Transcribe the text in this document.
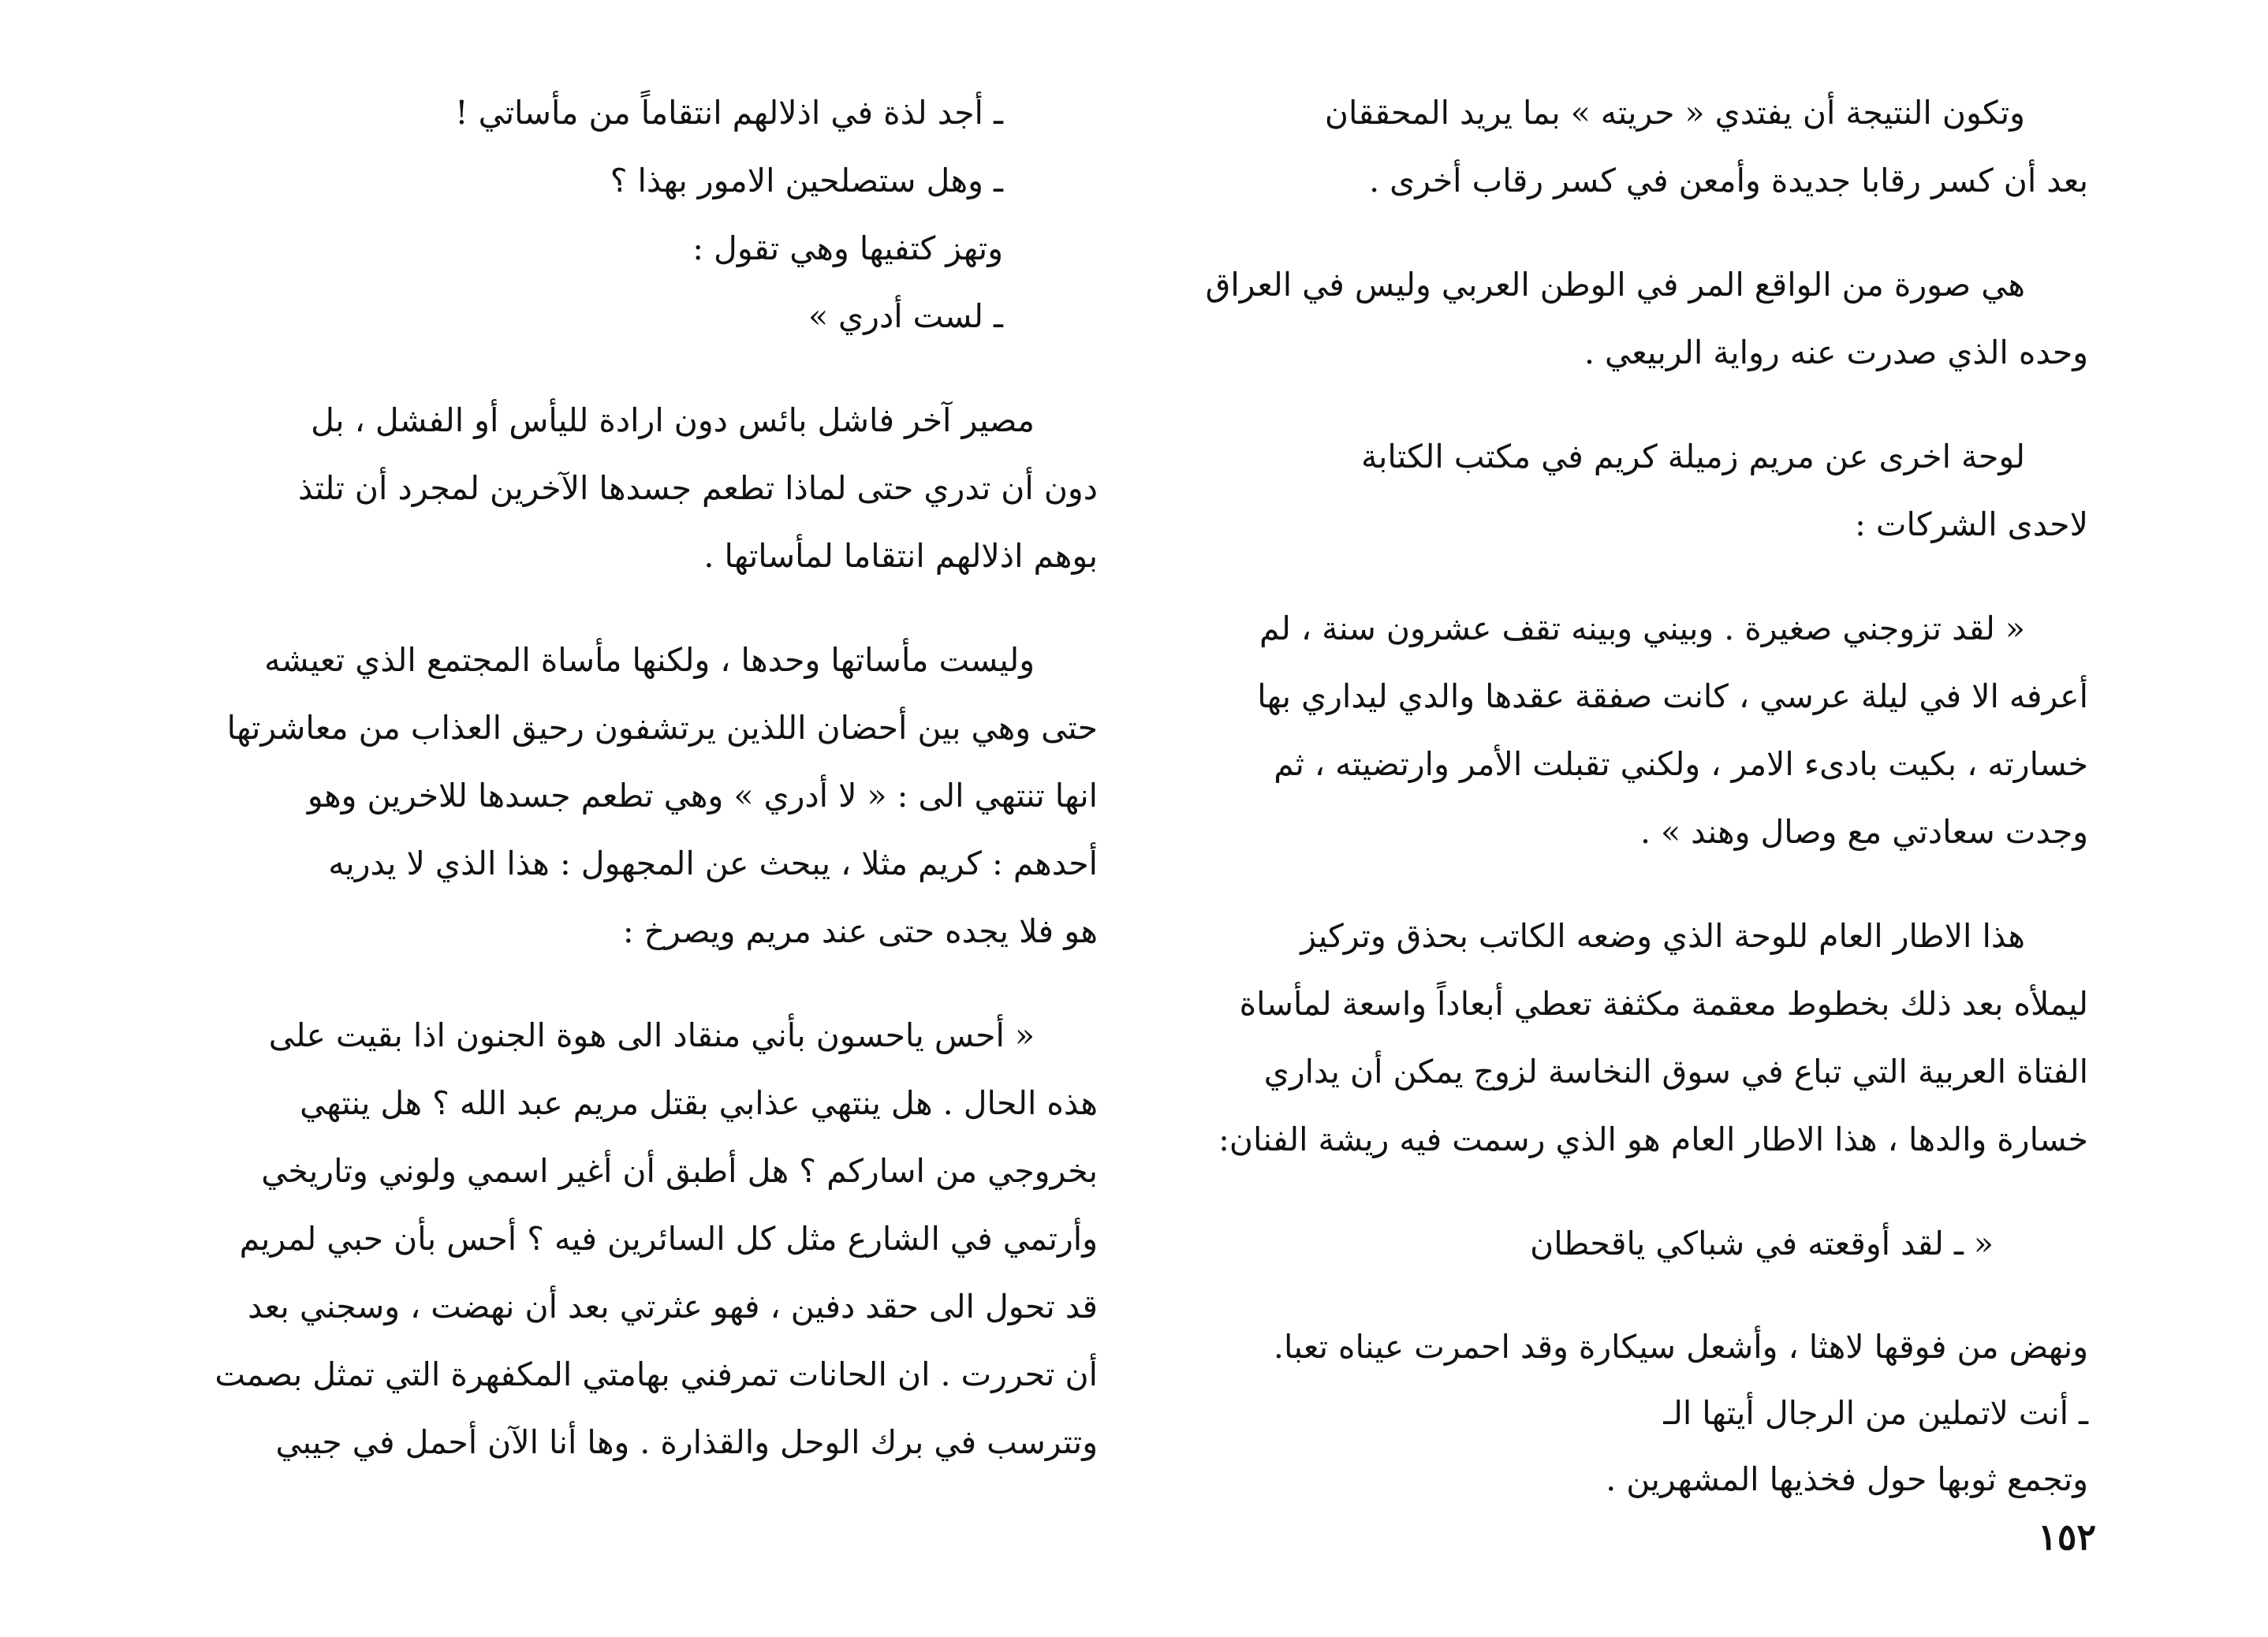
وتكون النتيجة أن يفتدي « حريته » بما يريد المحققان
بعد أن كسر رقابا جديدة وأمعن في كسر رقاب أخرى .

هي صورة من الواقع المر في الوطن العربي وليس في العراق
وحده الذي صدرت عنه رواية الربيعي .

لوحة اخرى عن مريم زميلة كريم في مكتب الكتابة
لاحدى الشركات :

« لقد تزوجني صغيرة . وبيني وبينه تقف عشرون سنة ، لم
أعرفه الا في ليلة عرسي ، كانت صفقة عقدها والدي ليداري بها
خسارته ، بكيت بادىء الامر ، ولكني تقبلت الأمر وارتضيته ، ثم
وجدت سعادتي مع وصال وهند » .

هذا الاطار العام للوحة الذي وضعه الكاتب بحذق وتركيز
ليملأه بعد ذلك بخطوط معقمة مكثفة تعطي أبعاداً واسعة لمأساة
الفتاة العربية التي تباع في سوق النخاسة لزوج يمكن أن يداري
خسارة والدها ، هذا الاطار العام هو الذي رسمت فيه ريشة الفنان:

« ـ لقد أوقعته في شباكي ياقحطان

ونهض من فوقها لاهثا ، وأشعل سيكارة وقد احمرت عيناه تعبا.
ـ أنت لاتملين من الرجال أيتها الـ
وتجمع ثوبها حول فخذيها المشهرين .

ـ أجد لذة في اذلالهم انتقاماً من مأساتي !
ـ وهل ستصلحين الامور بهذا ؟
وتهز كتفيها وهي تقول :
ـ لست أدري »

مصير آخر فاشل بائس دون ارادة لليأس أو الفشل ، بل
دون أن تدري حتى لماذا تطعم جسدها الآخرين لمجرد أن تلتذ
بوهم اذلالهم انتقاما لمأساتها .

وليست مأساتها وحدها ، ولكنها مأساة المجتمع الذي تعيشه
حتى وهي بين أحضان اللذين يرتشفون رحيق العذاب من معاشرتها
انها تنتهي الى : « لا أدري » وهي تطعم جسدها للاخرين وهو
أحدهم : كريم مثلا ، يبحث عن المجهول : هذا الذي لا يدريه
هو فلا يجده حتى عند مريم ويصرخ :

« أحس ياحسون بأني منقاد الى هوة الجنون اذا بقيت على
هذه الحال . هل ينتهي عذابي بقتل مريم عبد الله ؟ هل ينتهي
بخروجي من اساركم ؟ هل أطبق أن أغير اسمي ولوني وتاريخي
وأرتمي في الشارع مثل كل السائرين فيه ؟ أحس بأن حبي لمريم
قد تحول الى حقد دفين ، فهو عثرتي بعد أن نهضت ، وسجني بعد
أن تحررت . ان الحانات تمرفني بهامتي المكفهرة التي تمثل بصمت
وتترسب في برك الوحل والقذارة . وها أنا الآن أحمل في جيبي

١٥٢
